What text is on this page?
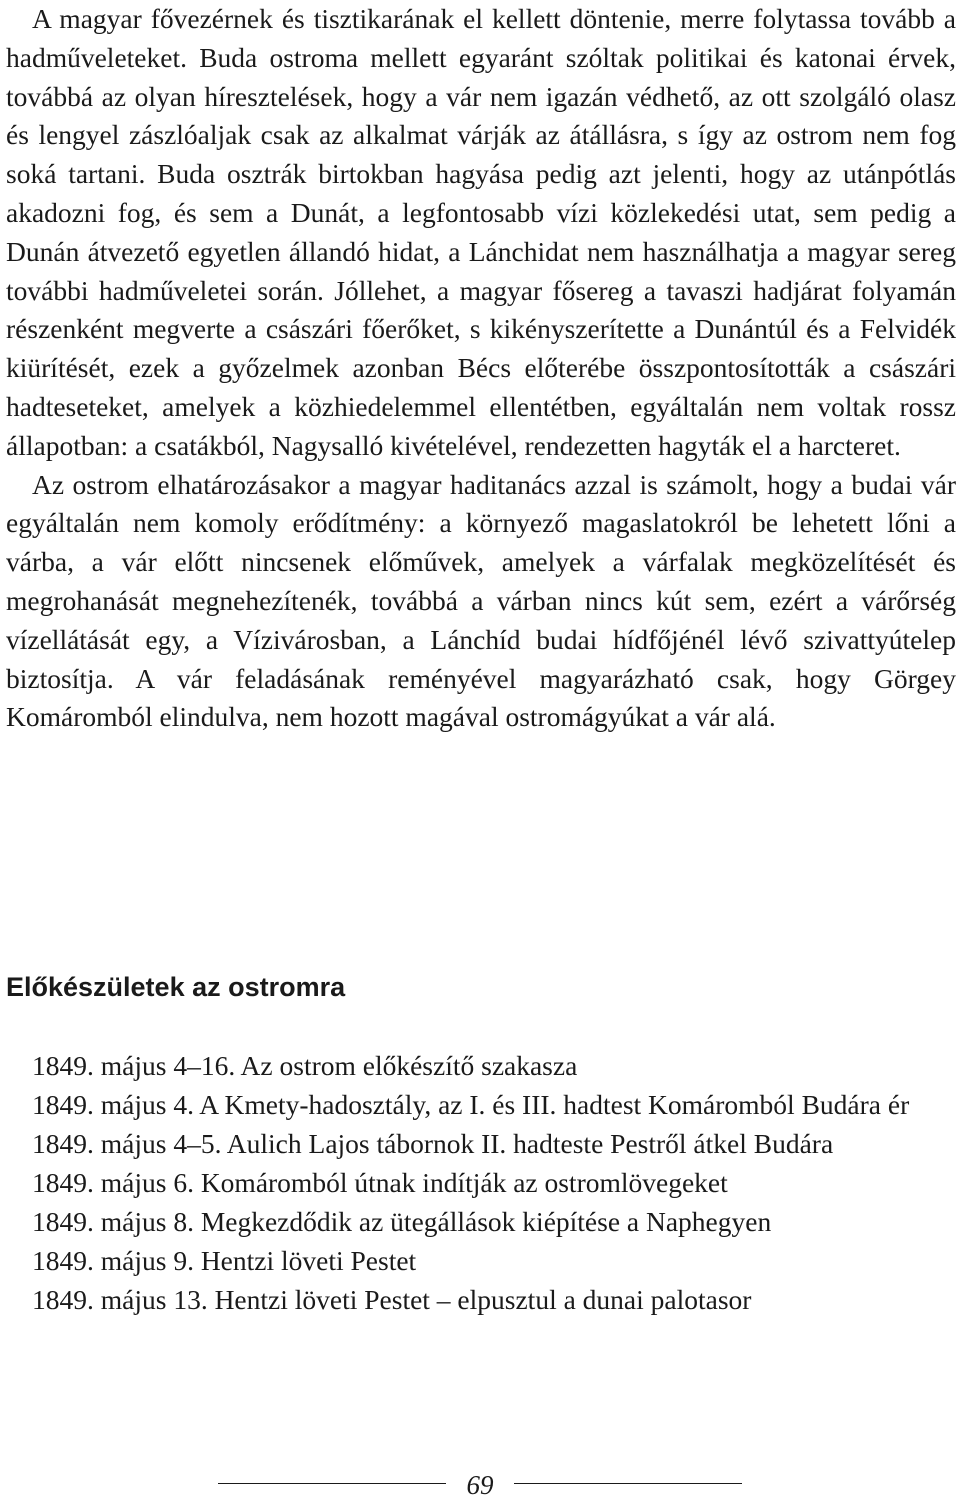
A magyar fővezérnek és tisztikarának el kellett döntenie, merre folytassa tovább a hadműveleteket. Buda ostroma mellett egyaránt szóltak politikai és katonai érvek, továbbá az olyan híresztelések, hogy a vár nem igazán védhető, az ott szolgáló olasz és lengyel zászlóaljak csak az alkalmat várják az átállásra, s így az ostrom nem fog soká tartani. Buda osztrák birtokban hagyása pedig azt jelenti, hogy az utánpótlás akadozni fog, és sem a Dunát, a legfontosabb vízi közlekedési utat, sem pedig a Dunán átvezető egyetlen állandó hidat, a Lánchidat nem használhatja a magyar sereg további hadműveletei során. Jóllehet, a magyar fősereg a tavaszi hadjárat folyamán részenként megverte a császári főerőket, s kikényszerítette a Dunántúl és a Felvidék kiürítését, ezek a győzelmek azonban Bécs előterébe összpontosították a császári hadteseteket, amelyek a közhiedelemmel ellentétben, egyáltalán nem voltak rossz állapotban: a csatákból, Nagysalló kivételével, rendezetten hagyták el a harcteret.

Az ostrom elhatározásakor a magyar haditanács azzal is számolt, hogy a budai vár egyáltalán nem komoly erődítmény: a környező magaslatokról be lehetett lőni a várba, a vár előtt nincsenek előművek, amelyek a várfalak megközelítését és megrohanását megnehezítenék, továbbá a várban nincs kút sem, ezért a várőrség vízellátását egy, a Vízivárosban, a Lánchíd budai hídfőjénél lévő szivattyútelep biztosítja. A vár feladásának reményével magyarázható csak, hogy Görgey Komáromból elindulva, nem hozott magával ostromágyúkat a vár alá.

Előkészületek az ostromra

1849. május 4–16. Az ostrom előkészítő szakasza

1849. május 4. A Kmety-hadosztály, az I. és III. hadtest Komáromból Budára ér

1849. május 4–5. Aulich Lajos tábornok II. hadteste Pestről átkel Budára

1849. május 6. Komáromból útnak indítják az ostromlövegeket

1849. május 8. Megkezdődik az ütegállások kiépítése a Naphegyen

1849. május 9. Hentzi löveti Pestet

1849. május 13. Hentzi löveti Pestet – elpusztul a dunai palotasor

69
